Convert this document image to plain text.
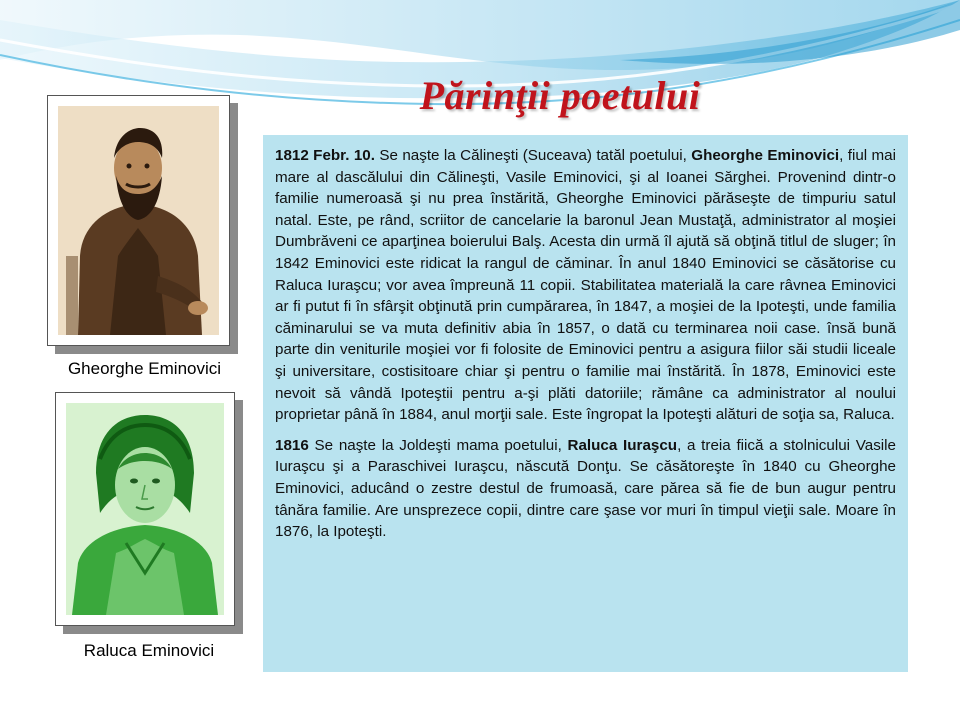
Părinţii poetului
Gheorghe Eminovici
Raluca Eminovici

1812 Febr. 10. Se naşte la Călineşti (Suceava) tatăl poetului, Gheorghe Eminovici, fiul mai mare al dascălului din Călineşti, Vasile Eminovici, şi al Ioanei Sărghei. Provenind dintr-o familie numeroasă şi nu prea înstărită, Gheorghe Eminovici părăseşte de timpuriu satul natal. Este, pe rând, scriitor de cancelarie la baronul Jean Mustaţă, administrator al moşiei Dumbrăveni ce aparţinea boierului Balş. Acesta din urmă îl ajută să obţină titlul de sluger; în 1842 Eminovici este ridicat la rangul de căminar. În anul 1840 Eminovici se căsătorise cu Raluca Iuraşcu; vor avea împreună 11 copii. Stabilitatea materială la care râvnea Eminovici ar fi putut fi în sfârşit obţinută prin cumpărarea, în 1847, a moşiei de la Ipoteşti, unde familia căminarului se va muta definitiv abia în 1857, o dată cu terminarea noii case. însă bună parte din veniturile moşiei vor fi folosite de Eminovici pentru a asigura fiilor săi studii liceale şi universitare, costisitoare chiar şi pentru o familie mai înstărită. În 1878, Eminovici este nevoit să vândă Ipoteştii pentru a-şi plăti datoriile; rămâne ca administrator al noului proprietar până în 1884, anul morţii sale. Este îngropat la Ipoteşti alături de soţia sa, Raluca.

1816 Se naşte la Joldeşti mama poetului, Raluca Iuraşcu, a treia fiică a stolnicului Vasile Iuraşcu şi a Paraschivei Iuraşcu, născută Donţu. Se căsătoreşte în 1840 cu Gheorghe Eminovici, aducând o zestre destul de frumoasă, care părea să fie de bun augur pentru tânăra familie. Are unsprezece copii, dintre care şase vor muri în timpul vieţii sale. Moare în 1876, la Ipoteşti.
